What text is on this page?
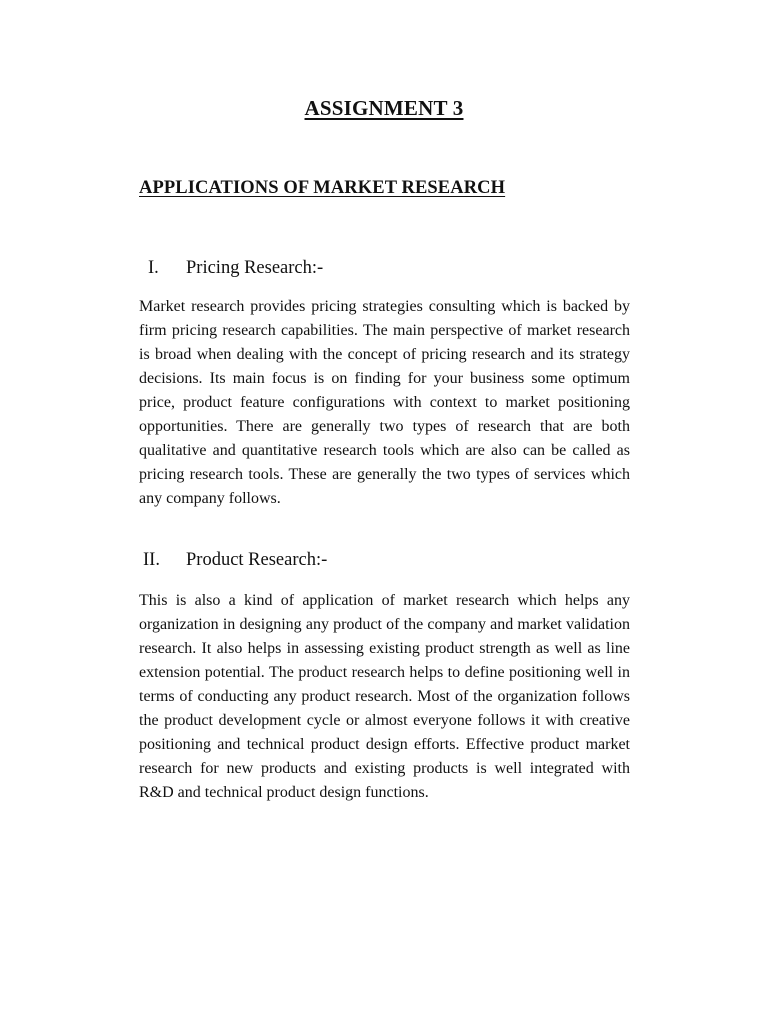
ASSIGNMENT 3
APPLICATIONS OF MARKET RESEARCH
I.	Pricing Research:-

Market research provides pricing strategies consulting which is backed by firm pricing research capabilities. The main perspective of market research is broad when dealing with the concept of pricing research and its strategy decisions. Its main focus is on finding for your business some optimum price, product feature configurations with context to market positioning opportunities. There are generally two types of research that are both qualitative and quantitative research tools which are also can be called as pricing research tools. These are generally the two types of services which any company follows.

II.	Product Research:-

This is also a kind of application of market research which helps any organization in designing any product of the company and market validation research. It also helps in assessing existing product strength as well as line extension potential. The product research helps to define positioning well in terms of conducting any product research. Most of the organization follows the product development cycle or almost everyone follows it with creative positioning and technical product design efforts. Effective product market research for new products and existing products is well integrated with R&D and technical product design functions.
